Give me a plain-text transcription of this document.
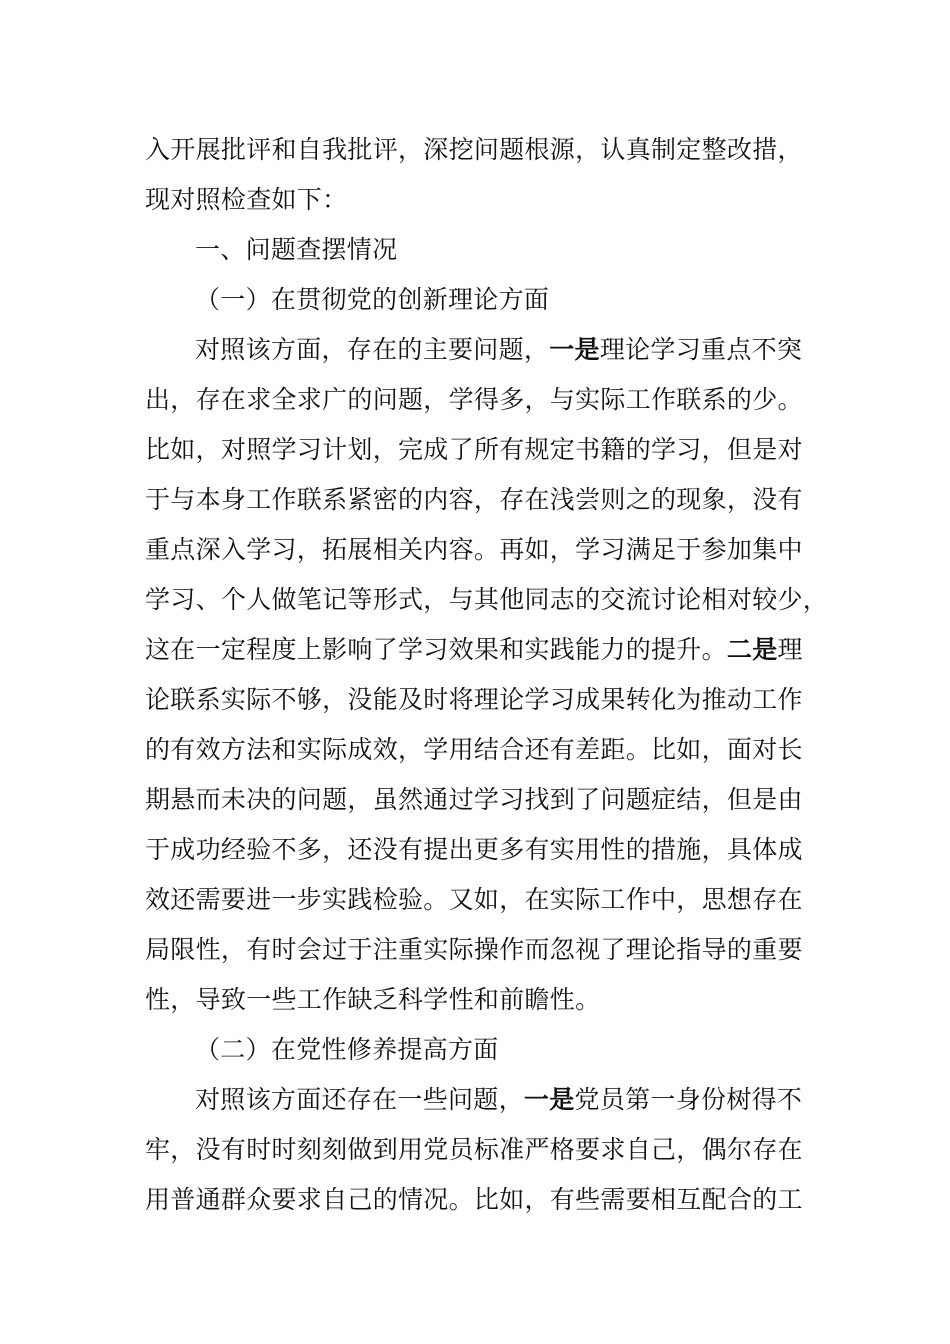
入开展批评和自我批评，深挖问题根源，认真制定整改措，
现对照检查如下：
一、问题查摆情况
（一）在贯彻党的创新理论方面
对照该方面，存在的主要问题，一是理论学习重点不突
出，存在求全求广的问题，学得多，与实际工作联系的少。
比如，对照学习计划，完成了所有规定书籍的学习，但是对
于与本身工作联系紧密的内容，存在浅尝则之的现象，没有
重点深入学习，拓展相关内容。再如，学习满足于参加集中
学习、个人做笔记等形式，与其他同志的交流讨论相对较少，
这在一定程度上影响了学习效果和实践能力的提升。二是理
论联系实际不够，没能及时将理论学习成果转化为推动工作
的有效方法和实际成效，学用结合还有差距。比如，面对长
期悬而未决的问题，虽然通过学习找到了问题症结，但是由
于成功经验不多，还没有提出更多有实用性的措施，具体成
效还需要进一步实践检验。又如，在实际工作中，思想存在
局限性，有时会过于注重实际操作而忽视了理论指导的重要
性，导致一些工作缺乏科学性和前瞻性。
（二）在党性修养提高方面
对照该方面还存在一些问题，一是党员第一身份树得不
牢，没有时时刻刻做到用党员标准严格要求自己，偶尔存在
用普通群众要求自己的情况。比如，有些需要相互配合的工
